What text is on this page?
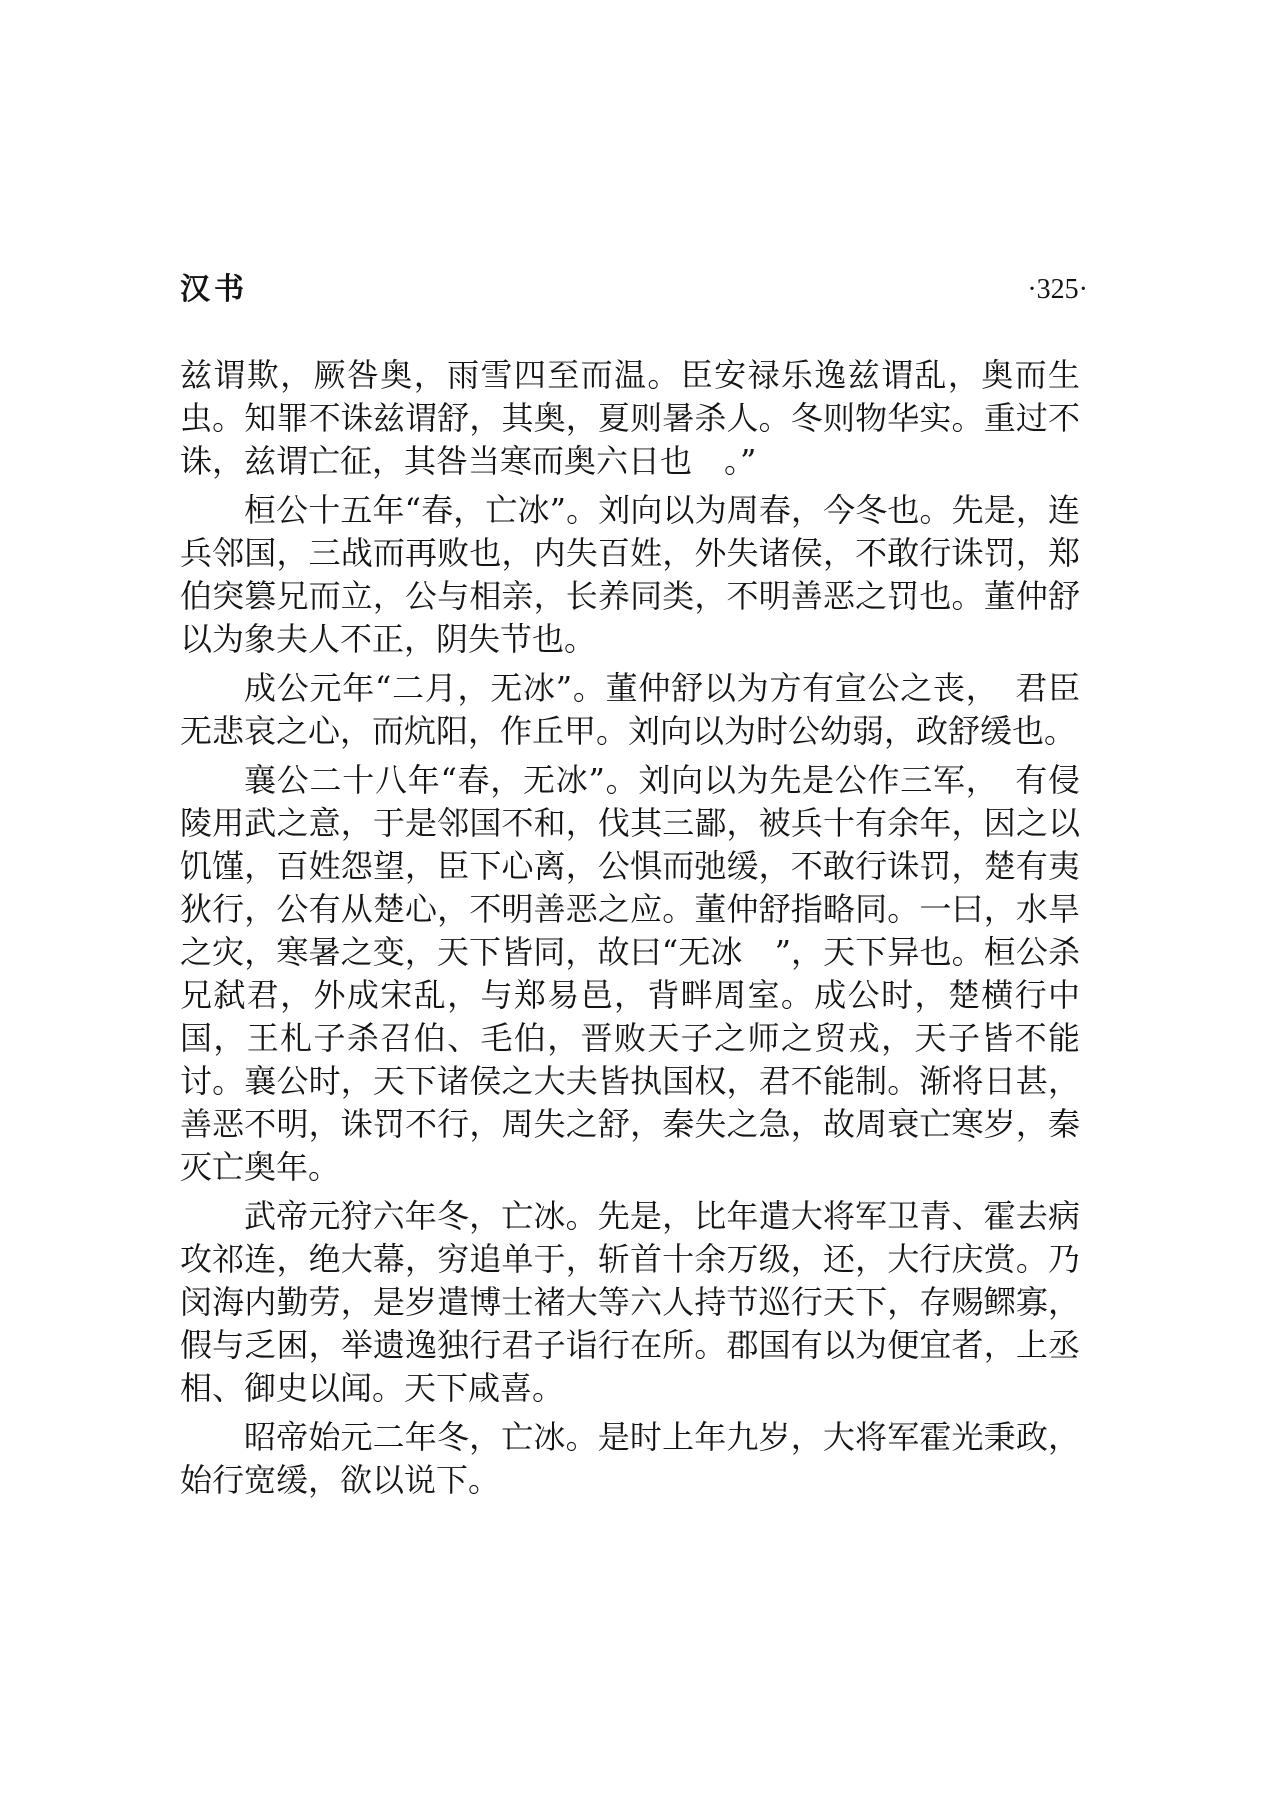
汉书	·325·

兹谓欺，厥咎奥，雨雪四至而温。臣安禄乐逸兹谓乱，奥而生虫。知罪不诛兹谓舒，其奥，夏则暑杀人。冬则物华实。重过不诛，兹谓亡征，其咎当寒而奥六日也　。”

桓公十五年“春，亡冰”。刘向以为周春，今冬也。先是，连兵邻国，三战而再败也，内失百姓，外失诸侯，不敢行诛罚，郑伯突篡兄而立，公与相亲，长养同类，不明善恶之罚也。董仲舒以为象夫人不正，阴失节也。

成公元年“二月，无冰”。董仲舒以为方有宣公之丧，　君臣无悲哀之心，而炕阳，作丘甲。刘向以为时公幼弱，政舒缓也。

襄公二十八年“春，无冰”。刘向以为先是公作三军，　有侵陵用武之意，于是邻国不和，伐其三鄙，被兵十有余年，因之以饥馑，百姓怨望，臣下心离，公惧而弛缓，不敢行诛罚，楚有夷狄行，公有从楚心，不明善恶之应。董仲舒指略同。一曰，水旱之灾，寒暑之变，天下皆同，故曰“无冰　”，天下异也。桓公杀兄弑君，外成宋乱，与郑易邑，背畔周室。成公时，楚横行中国，王札子杀召伯、毛伯，晋败天子之师之贸戎，天子皆不能讨。襄公时，天下诸侯之大夫皆执国权，君不能制。渐将日甚，善恶不明，诛罚不行，周失之舒，秦失之急，故周衰亡寒岁，秦灭亡奥年。

武帝元狩六年冬，亡冰。先是，比年遣大将军卫青、霍去病攻祁连，绝大幕，穷追单于，斩首十余万级，还，大行庆赏。乃闵海内勤劳，是岁遣博士褚大等六人持节巡行天下，存赐鳏寡，假与乏困，举遗逸独行君子诣行在所。郡国有以为便宜者，上丞相、御史以闻。天下咸喜。

昭帝始元二年冬，亡冰。是时上年九岁，大将军霍光秉政，始行宽缓，欲以说下。
